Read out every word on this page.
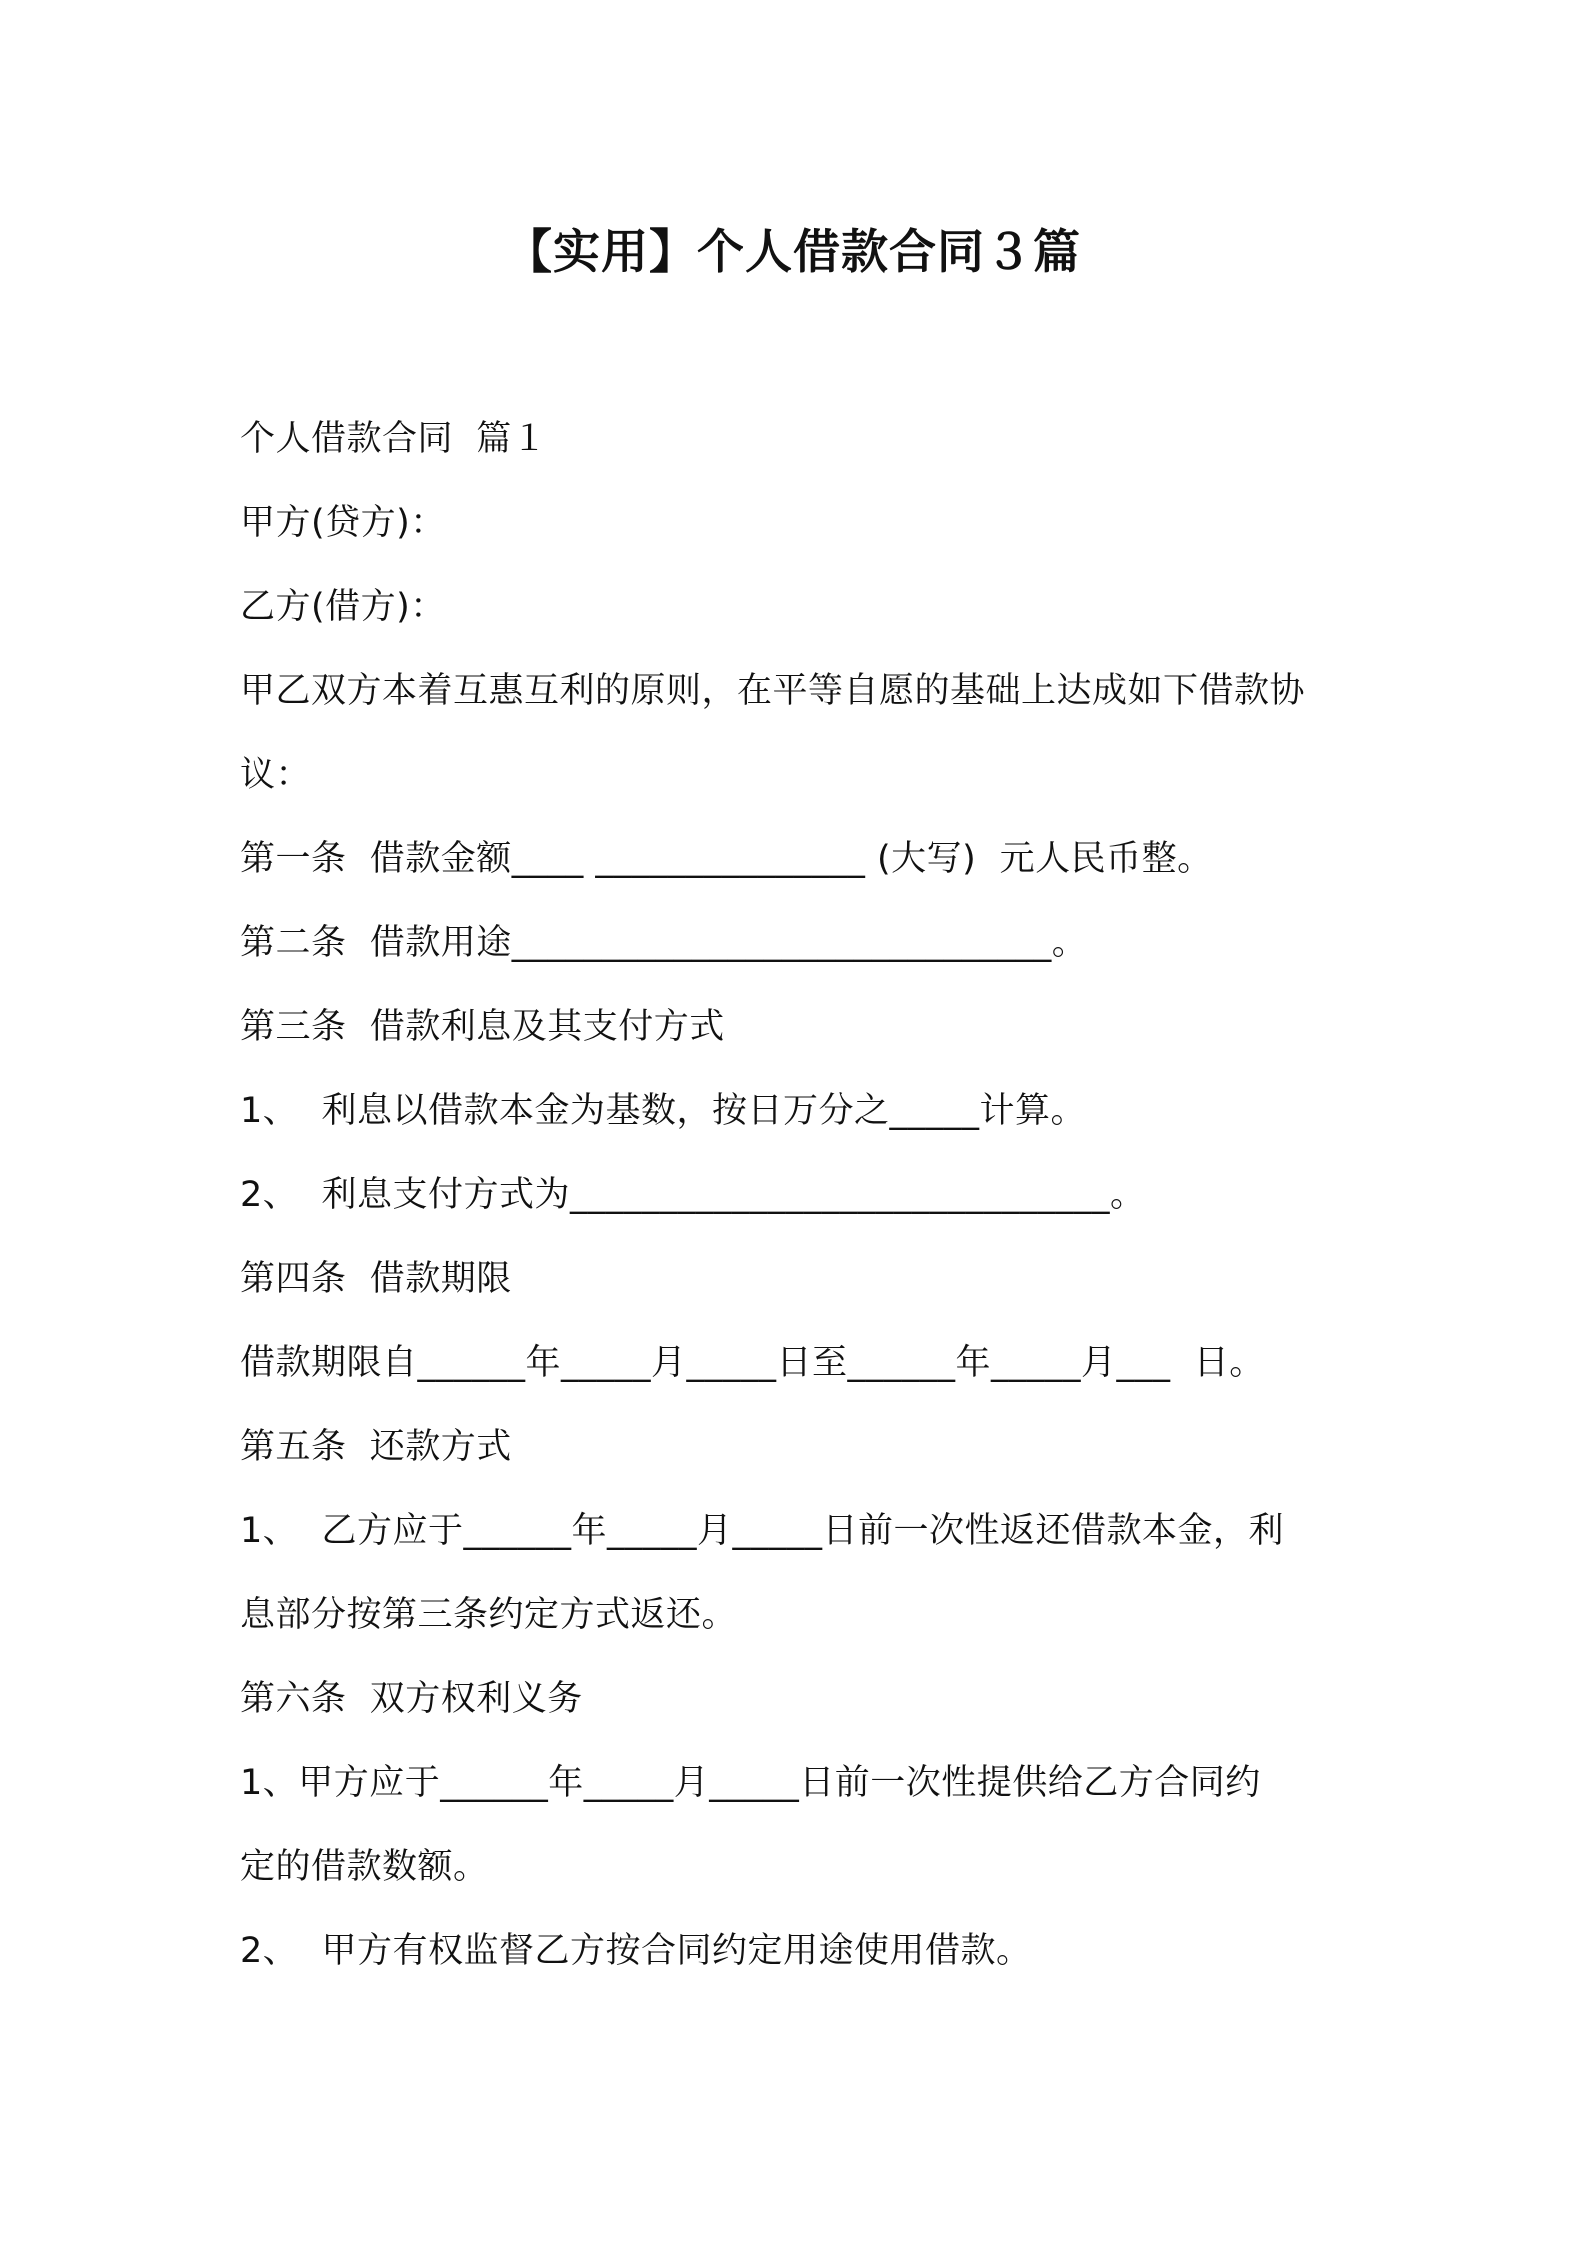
【实用】个人借款合同３篇
个人借款合同  篇１
甲方(贷方)：
乙方(借方)：
甲乙双方本着互惠互利的原则，在平等自愿的基础上达成如下借款协
议：
第一条  借款金额____ _______________ (大写)  元人民币整。
第二条  借款用途______________________________。
第三条  借款利息及其支付方式
1、  利息以借款本金为基数，按日万分之_____计算。
2、  利息支付方式为______________________________。
第四条  借款期限
借款期限自______年_____月_____日至______年_____月___  日。
第五条  还款方式
1、  乙方应于______年_____月_____日前一次性返还借款本金，利
息部分按第三条约定方式返还。
第六条  双方权利义务
1、甲方应于______年_____月_____日前一次性提供给乙方合同约
定的借款数额。
2、  甲方有权监督乙方按合同约定用途使用借款。
